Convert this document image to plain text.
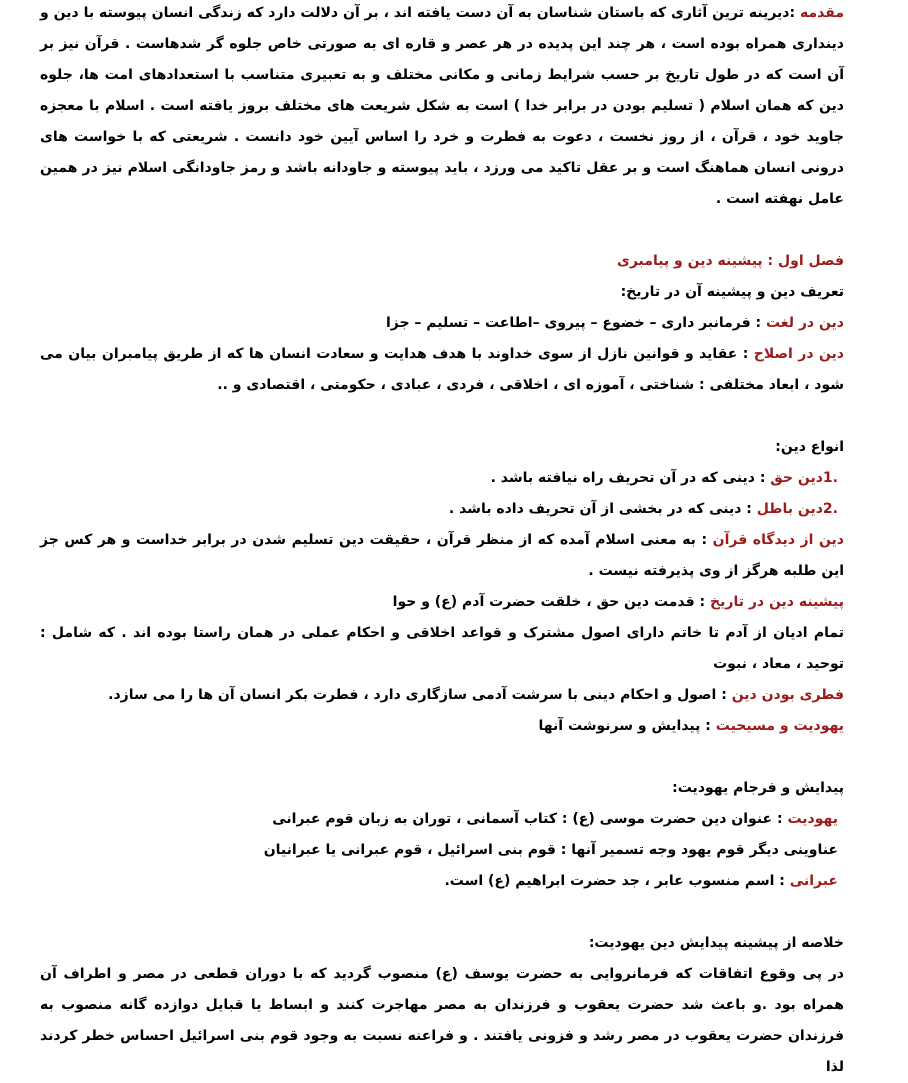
مقدمه :دیرینه ترین آثاری که باستان شناسان به آن دست یافته اند ، بر آن دلالت دارد که زندگی انسان پیوسته با دین و دینداری همراه بوده است ، هر چند این پدیده در هر عصر و قاره ای به صورتی خاص جلوه گر شدهاست . قرآن نیز بر آن است که در طول تاریخ بر حسب شرایط زمانی و مکانی مختلف و به تعبیری متناسب با استعدادهای امت ها، جلوه دین که همان اسلام ( تسلیم بودن در برابر خدا ) است به شکل شریعت های مختلف بروز یافته است . اسلام با معجزه جاوید خود ، قرآن ، از روز نخست ، دعوت به فطرت و خرد را اساس آیین خود دانست . شریعتی که با خواست های درونی انسان هماهنگ است و بر عقل تاکید می ورزد ، باید پیوسته و جاودانه باشد و رمز جاودانگی اسلام نیز در همین عامل نهفته است .

فصل اول : پیشینه دین و پیامبری

تعریف دین و پیشینه آن در تاریخ:

دین در لغت : فرمانبر داری – خضوع – پیروی –اطاعت – تسلیم – جزا

دین در اصلاح : عقاید و قوانین نازل از سوی خداوند با هدف هدایت و سعادت انسان ها که از طریق پیامبران بیان می شود ، ابعاد مختلفی : شناختی ، آموزه ای ، اخلاقی ، فردی ، عبادی ، حکومتی ، اقتصادی و ..

انواع دین:

.1دین حق : دینی که در آن تحریف راه نیافته باشد .

.2دین باطل : دینی که در بخشی از آن تحریف داده باشد .

دین از دیدگاه قرآن : به معنی اسلام آمده که از منظر قرآن ، حقیقت دین تسلیم شدن در برابر خداست و هر کس جز این طلبه هرگز از وی پذیرفته نیست .

پیشینه دین در تاریخ : قدمت دین حق ، خلقت حضرت آدم (ع) و حوا

تمام ادیان از آدم تا خاتم دارای اصول مشترک و قواعد اخلاقی و احکام عملی در همان راستا بوده اند . که شامل : توحید ، معاد ، نبوت

فطری بودن دین : اصول و احکام دینی با سرشت آدمی سازگاری دارد ، فطرت بکر انسان آن ها را می سازد.

یهودیت و مسیحیت : پیدایش و سرنوشت آنها

پیدایش و فرجام یهودیت:

یهودیت : عنوان دین حضرت موسی (ع) : کتاب آسمانی ، توران به زبان قوم عبرانی

عناوینی دیگر قوم یهود وجه تسمیر آنها : قوم بنی اسرائیل ، قوم عبرانی یا عبرانیان

عبرانی : اسم منسوب عابر ، جد حضرت ابراهیم (ع) است.

خلاصه از پیشینه پیدایش دین یهودیت:

در پی وقوع اتفاقات که فرمانروایی به حضرت یوسف (ع) منصوب گردید که با دوران قطعی در مصر و اطراف آن همراه بود .و باعث شد حضرت یعقوب و فرزندان به مصر مهاجرت کنند و ابساط یا قبایل دوازده گانه منصوب به فرزندان حضرت یعقوب در مصر رشد و فزونی یافتند . و فراعنه نسبت به وجود قوم بنی اسرائیل احساس خطر کردند لذا
